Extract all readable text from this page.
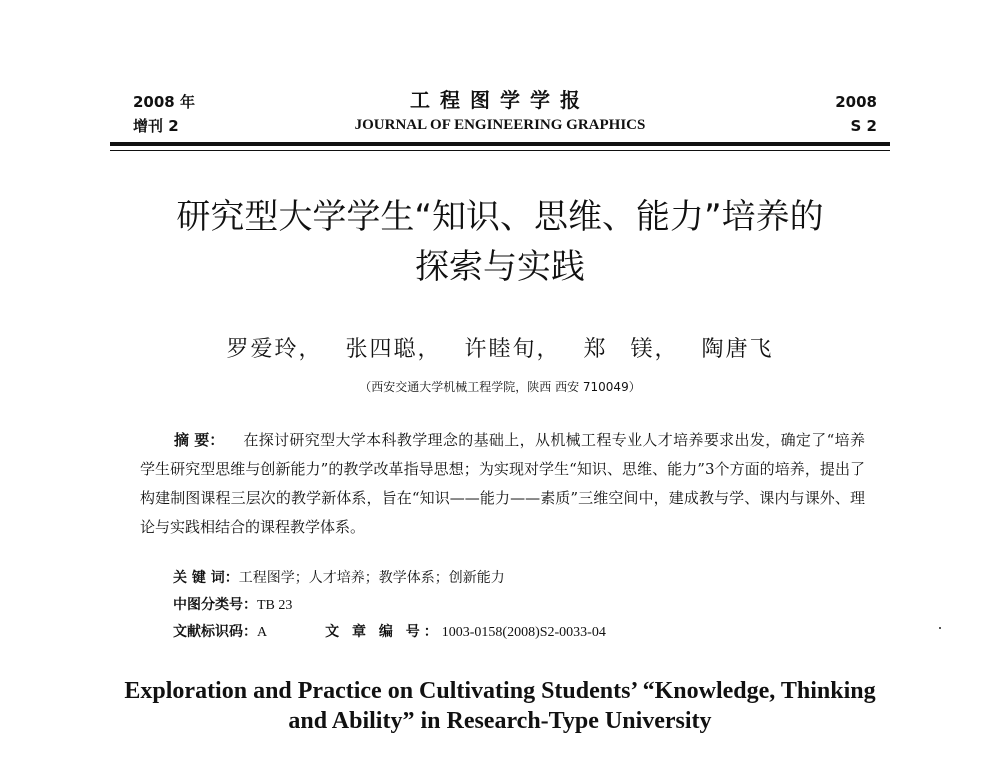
2008 年
增刊 2
工程图学学报
JOURNAL OF ENGINEERING GRAPHICS
2008
S 2
研究型大学学生“知识、思维、能力”培养的
探索与实践
罗爱玲， 张四聪， 许睦旬， 郑 镁， 陶唐飞
（西安交通大学机械工程学院，陕西 西安 710049）
摘 要： 在探讨研究型大学本科教学理念的基础上，从机械工程专业人才培养要求出发，确定了“培养学生研究型思维与创新能力”的教学改革指导思想；为实现对学生“知识、思维、能力”3个方面的培养，提出了构建制图课程三层次的教学新体系，旨在“知识——能力——素质”三维空间中，建成教与学、课内与课外、理论与实践相结合的课程教学体系。
关 键 词：工程图学；人才培养；教学体系；创新能力
中图分类号：TB 23
文献标识码：A	文 章 编 号：1003-0158(2008)S2-0033-04
Exploration and Practice on Cultivating Students’ “Knowledge, Thinking
and Ability” in Research-Type University
